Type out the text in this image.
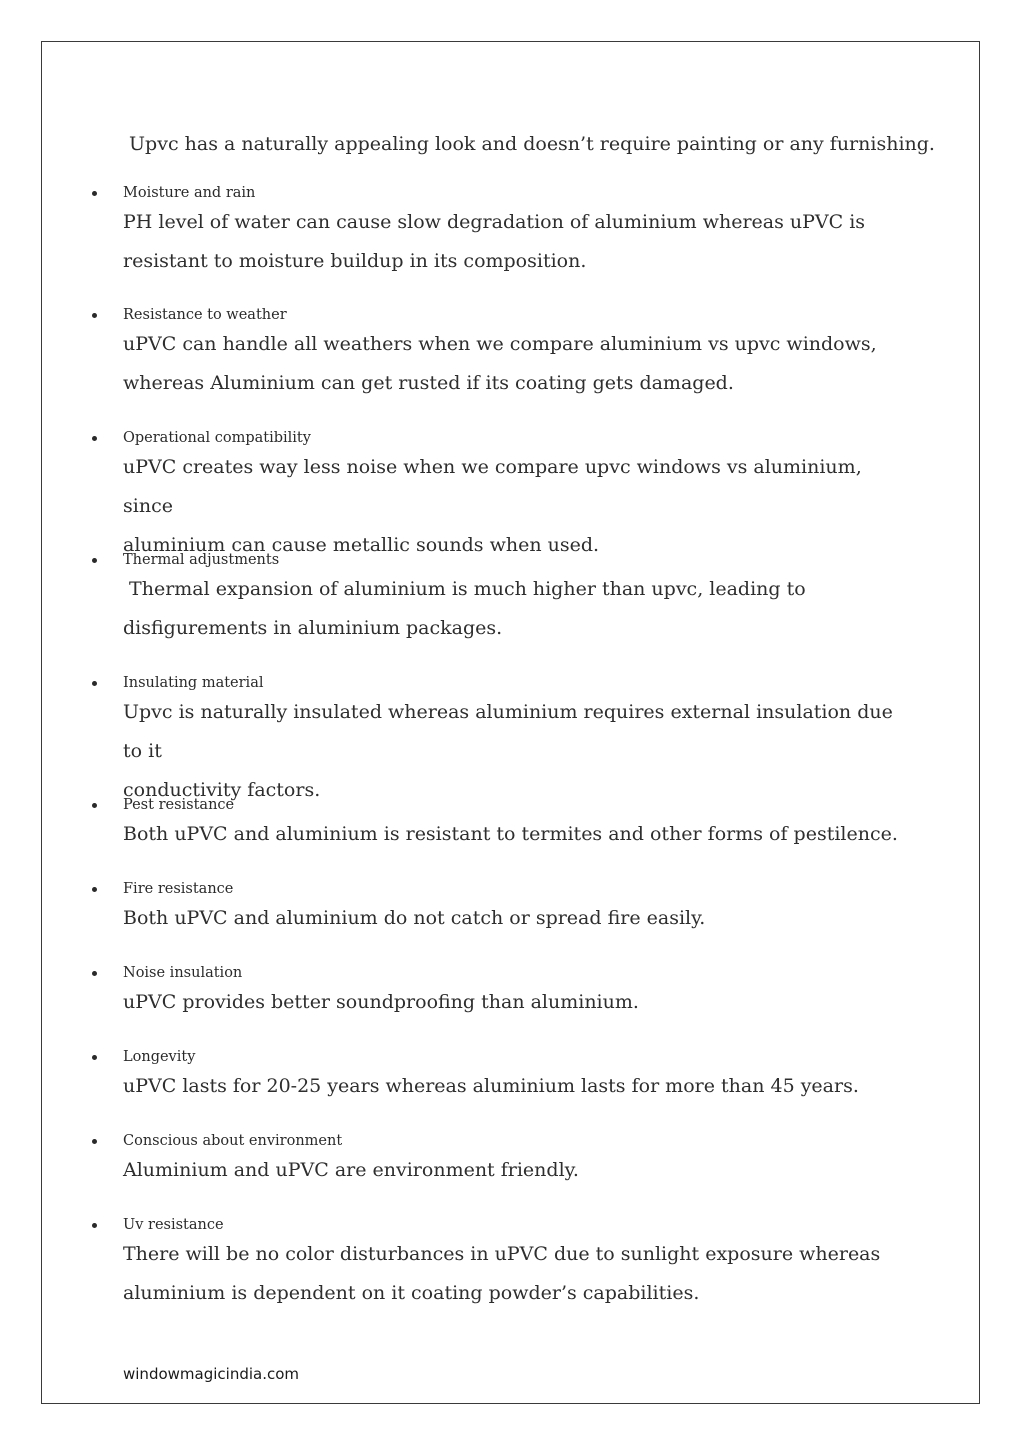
Upvc has a naturally appealing look and doesn’t require painting or any furnishing.
Moisture and rain
PH level of water can cause slow degradation of aluminium whereas uPVC is
resistant to moisture buildup in its composition.
Resistance to weather
uPVC can handle all weathers when we compare aluminium vs upvc windows,
whereas Aluminium can get rusted if its coating gets damaged.
Operational compatibility
uPVC creates way less noise when we compare upvc windows vs aluminium, since
aluminium can cause metallic sounds when used.
Thermal adjustments
Thermal expansion of aluminium is much higher than upvc, leading to
disfigurements in aluminium packages.
Insulating material
Upvc is naturally insulated whereas aluminium requires external insulation due to it
conductivity factors.
Pest resistance
Both uPVC and aluminium is resistant to termites and other forms of pestilence.
Fire resistance
Both uPVC and aluminium do not catch or spread fire easily.
Noise insulation
uPVC provides better soundproofing than aluminium.
Longevity
uPVC lasts for 20-25 years whereas aluminium lasts for more than 45 years.
Conscious about environment
Aluminium and uPVC are environment friendly.
Uv resistance
There will be no color disturbances in uPVC due to sunlight exposure whereas
aluminium is dependent on it coating powder’s capabilities.
windowmagicindia.com
